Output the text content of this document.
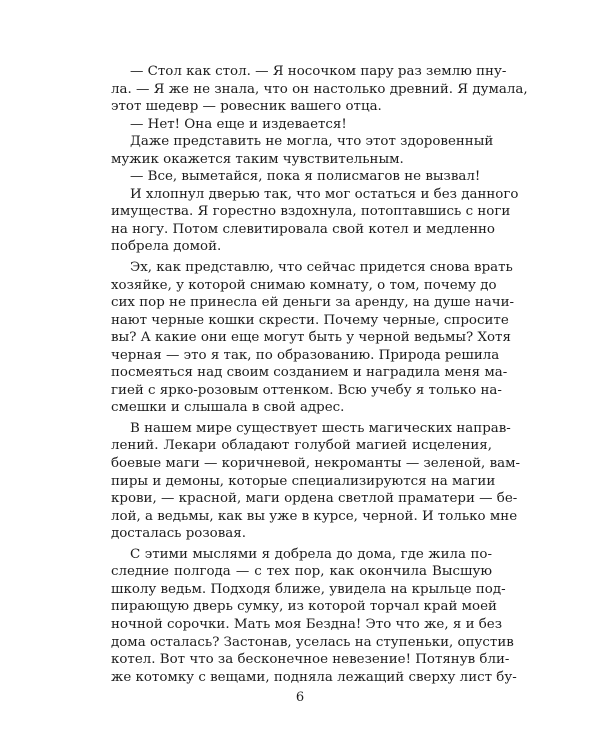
— Стол как стол. — Я носочком пару раз землю пну-
ла. — Я же не знала, что он настолько древний. Я думала,
этот шедевр — ровесник вашего отца.
— Нет! Она еще и издевается!
Даже представить не могла, что этот здоровенный
мужик окажется таким чувствительным.
— Все, выметайся, пока я полисмагов не вызвал!
И хлопнул дверью так, что мог остаться и без данного
имущества. Я горестно вздохнула, потоптавшись с ноги
на ногу. Потом слевитировала свой котел и медленно
побрела домой.
Эх, как представлю, что сейчас придется снова врать
хозяйке, у которой снимаю комнату, о том, почему до
сих пор не принесла ей деньги за аренду, на душе начи-
нают черные кошки скрести. Почему черные, спросите
вы? А какие они еще могут быть у черной ведьмы? Хотя
черная — это я так, по образованию. Природа решила
посмеяться над своим созданием и наградила меня ма-
гией с ярко-розовым оттенком. Всю учебу я только на-
смешки и слышала в свой адрес.
В нашем мире существует шесть магических направ-
лений. Лекари обладают голубой магией исцеления,
боевые маги — коричневой, некроманты — зеленой, вам-
пиры и демоны, которые специализируются на магии
крови, — красной, маги ордена светлой праматери — бе-
лой, а ведьмы, как вы уже в курсе, черной. И только мне
досталась розовая.
С этими мыслями я добрела до дома, где жила по-
следние полгода — с тех пор, как окончила Высшую
школу ведьм. Подходя ближе, увидела на крыльце под-
пирающую дверь сумку, из которой торчал край моей
ночной сорочки. Мать моя Бездна! Это что же, я и без
дома осталась? Застонав, уселась на ступеньки, опустив
котел. Вот что за бесконечное невезение! Потянув бли-
же котомку с вещами, подняла лежащий сверху лист бу-
6
